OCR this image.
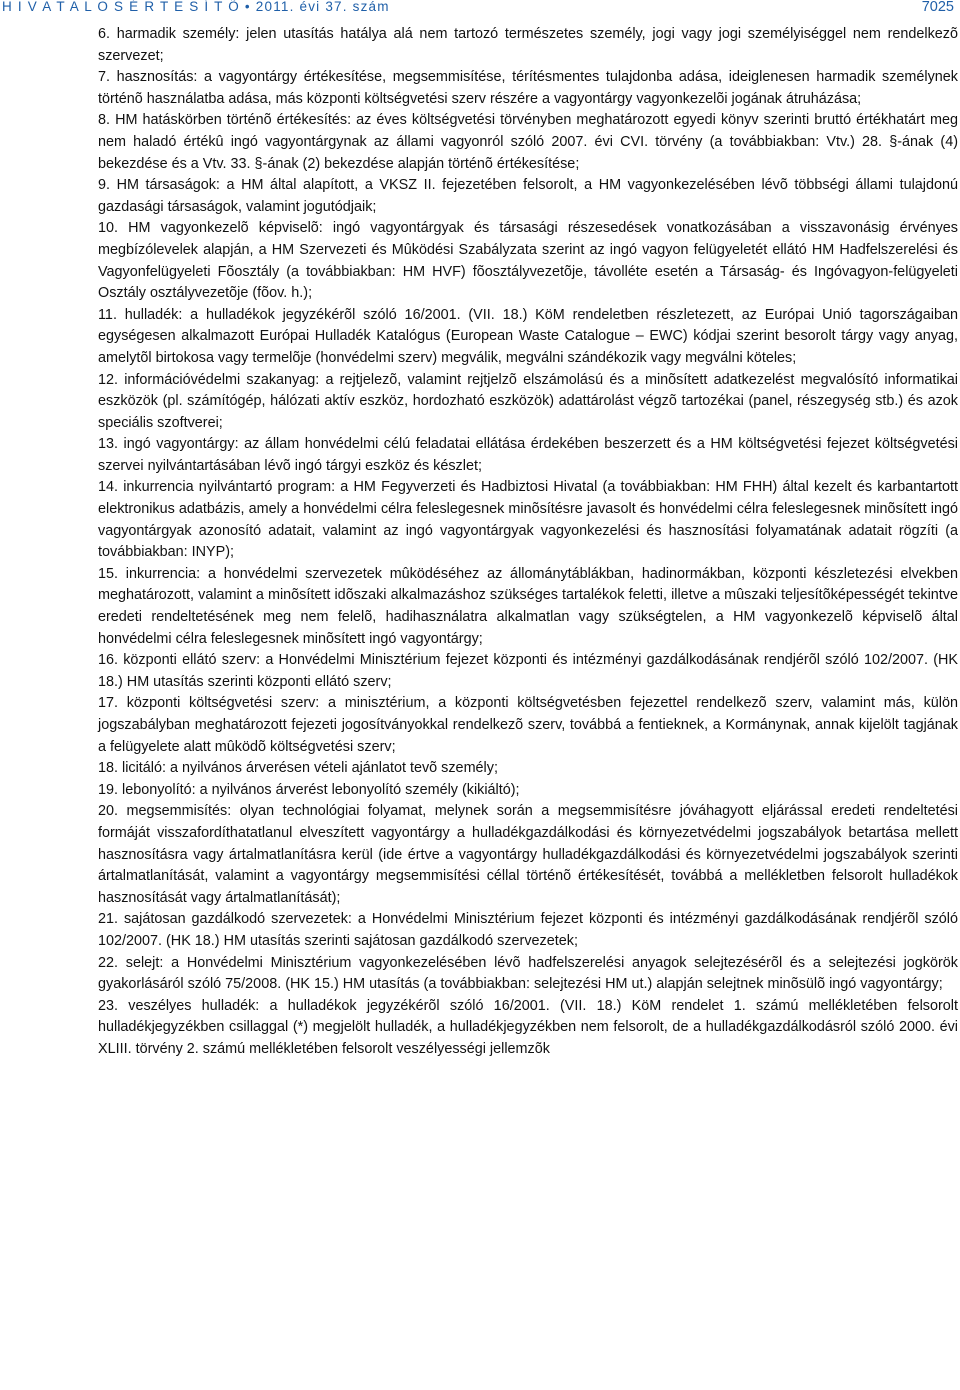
H I V A T A L O S É R T E S Í T Õ • 2011. évi 37. szám	7025

6. harmadik személy: jelen utasítás hatálya alá nem tartozó természetes személy, jogi vagy jogi személyiséggel nem rendelkezõ szervezet;

7. hasznosítás: a vagyontárgy értékesítése, megsemmisítése, térítésmentes tulajdonba adása, ideiglenesen harmadik személynek történõ használatba adása, más központi költségvetési szerv részére a vagyontárgy vagyonkezelõi jogának átruházása;

8. HM hatáskörben történõ értékesítés: az éves költségvetési törvényben meghatározott egyedi könyv szerinti bruttó értékhatárt meg nem haladó értékû ingó vagyontárgynak az állami vagyonról szóló 2007. évi CVI. törvény (a továbbiakban: Vtv.) 28. §-ának (4) bekezdése és a Vtv. 33. §-ának (2) bekezdése alapján történõ értékesítése;

9. HM társaságok: a HM által alapított, a VKSZ II. fejezetében felsorolt, a HM vagyonkezelésében lévõ többségi állami tulajdonú gazdasági társaságok, valamint jogutódjaik;

10. HM vagyonkezelõ képviselõ: ingó vagyontárgyak és társasági részesedések vonatkozásában a visszavonásig érvényes megbízólevelek alapján, a HM Szervezeti és Mûködési Szabályzata szerint az ingó vagyon felügyeletét ellátó HM Hadfelszerelési és Vagyonfelügyeleti Fõosztály (a továbbiakban: HM HVF) fõosztályvezetõje, távolléte esetén a Társaság- és Ingóvagyon-felügyeleti Osztály osztályvezetõje (fõov. h.);

11. hulladék: a hulladékok jegyzékérõl szóló 16/2001. (VII. 18.) KöM rendeletben részletezett, az Európai Unió tagországaiban egységesen alkalmazott Európai Hulladék Katalógus (European Waste Catalogue – EWC) kódjai szerint besorolt tárgy vagy anyag, amelytõl birtokosa vagy termelõje (honvédelmi szerv) megválik, megválni szándékozik vagy megválni köteles;

12. információvédelmi szakanyag: a rejtjelezõ, valamint rejtjelzõ elszámolású és a minõsített adatkezelést megvalósító informatikai eszközök (pl. számítógép, hálózati aktív eszköz, hordozható eszközök) adattárolást végzõ tartozékai (panel, részegység stb.) és azok speciális szoftverei;

13. ingó vagyontárgy: az állam honvédelmi célú feladatai ellátása érdekében beszerzett és a HM költségvetési fejezet költségvetési szervei nyilvántartásában lévõ ingó tárgyi eszköz és készlet;

14. inkurrencia nyilvántartó program: a HM Fegyverzeti és Hadbiztosi Hivatal (a továbbiakban: HM FHH) által kezelt és karbantartott elektronikus adatbázis, amely a honvédelmi célra feleslegesnek minõsítésre javasolt és honvédelmi célra feleslegesnek minõsített ingó vagyontárgyak azonosító adatait, valamint az ingó vagyontárgyak vagyonkezelési és hasznosítási folyamatának adatait rögzíti (a továbbiakban: INYP);

15. inkurrencia: a honvédelmi szervezetek mûködéséhez az állománytáblákban, hadinormákban, központi készletezési elvekben meghatározott, valamint a minõsített idõszaki alkalmazáshoz szükséges tartalékok feletti, illetve a mûszaki teljesítõképességét tekintve eredeti rendeltetésének meg nem felelõ, hadihasználatra alkalmatlan vagy szükségtelen, a HM vagyonkezelõ képviselõ által honvédelmi célra feleslegesnek minõsített ingó vagyontárgy;

16. központi ellátó szerv: a Honvédelmi Minisztérium fejezet központi és intézményi gazdálkodásának rendjérõl szóló 102/2007. (HK 18.) HM utasítás szerinti központi ellátó szerv;

17. központi költségvetési szerv: a minisztérium, a központi költségvetésben fejezettel rendelkezõ szerv, valamint más, külön jogszabályban meghatározott fejezeti jogosítványokkal rendelkezõ szerv, továbbá a fentieknek, a Kormánynak, annak kijelölt tagjának a felügyelete alatt mûködõ költségvetési szerv;

18. licitáló: a nyilvános árverésen vételi ajánlatot tevõ személy;

19. lebonyolító: a nyilvános árverést lebonyolító személy (kikiáltó);

20. megsemmisítés: olyan technológiai folyamat, melynek során a megsemmisítésre jóváhagyott eljárással eredeti rendeltetési formáját visszafordíthatatlanul elveszített vagyontárgy a hulladékgazdálkodási és környezetvédelmi jogszabályok betartása mellett hasznosításra vagy ártalmatlanításra kerül (ide értve a vagyontárgy hulladékgazdálkodási és környezetvédelmi jogszabályok szerinti ártalmatlanítását, valamint a vagyontárgy megsemmisítési céllal történõ értékesítését, továbbá a mellékletben felsorolt hulladékok hasznosítását vagy ártalmatlanítását);

21. sajátosan gazdálkodó szervezetek: a Honvédelmi Minisztérium fejezet központi és intézményi gazdálkodásának rendjérõl szóló 102/2007. (HK 18.) HM utasítás szerinti sajátosan gazdálkodó szervezetek;

22. selejt: a Honvédelmi Minisztérium vagyonkezelésében lévõ hadfelszerelési anyagok selejtezésérõl és a selejtezési jogkörök gyakorlásáról szóló 75/2008. (HK 15.) HM utasítás (a továbbiakban: selejtezési HM ut.) alapján selejtnek minõsülõ ingó vagyontárgy;

23. veszélyes hulladék: a hulladékok jegyzékérõl szóló 16/2001. (VII. 18.) KöM rendelet 1. számú mellékletében felsorolt hulladékjegyzékben csillaggal (*) megjelölt hulladék, a hulladékjegyzékben nem felsorolt, de a hulladékgazdálkodásról szóló 2000. évi XLIII. törvény 2. számú mellékletében felsorolt veszélyességi jellemzõk
